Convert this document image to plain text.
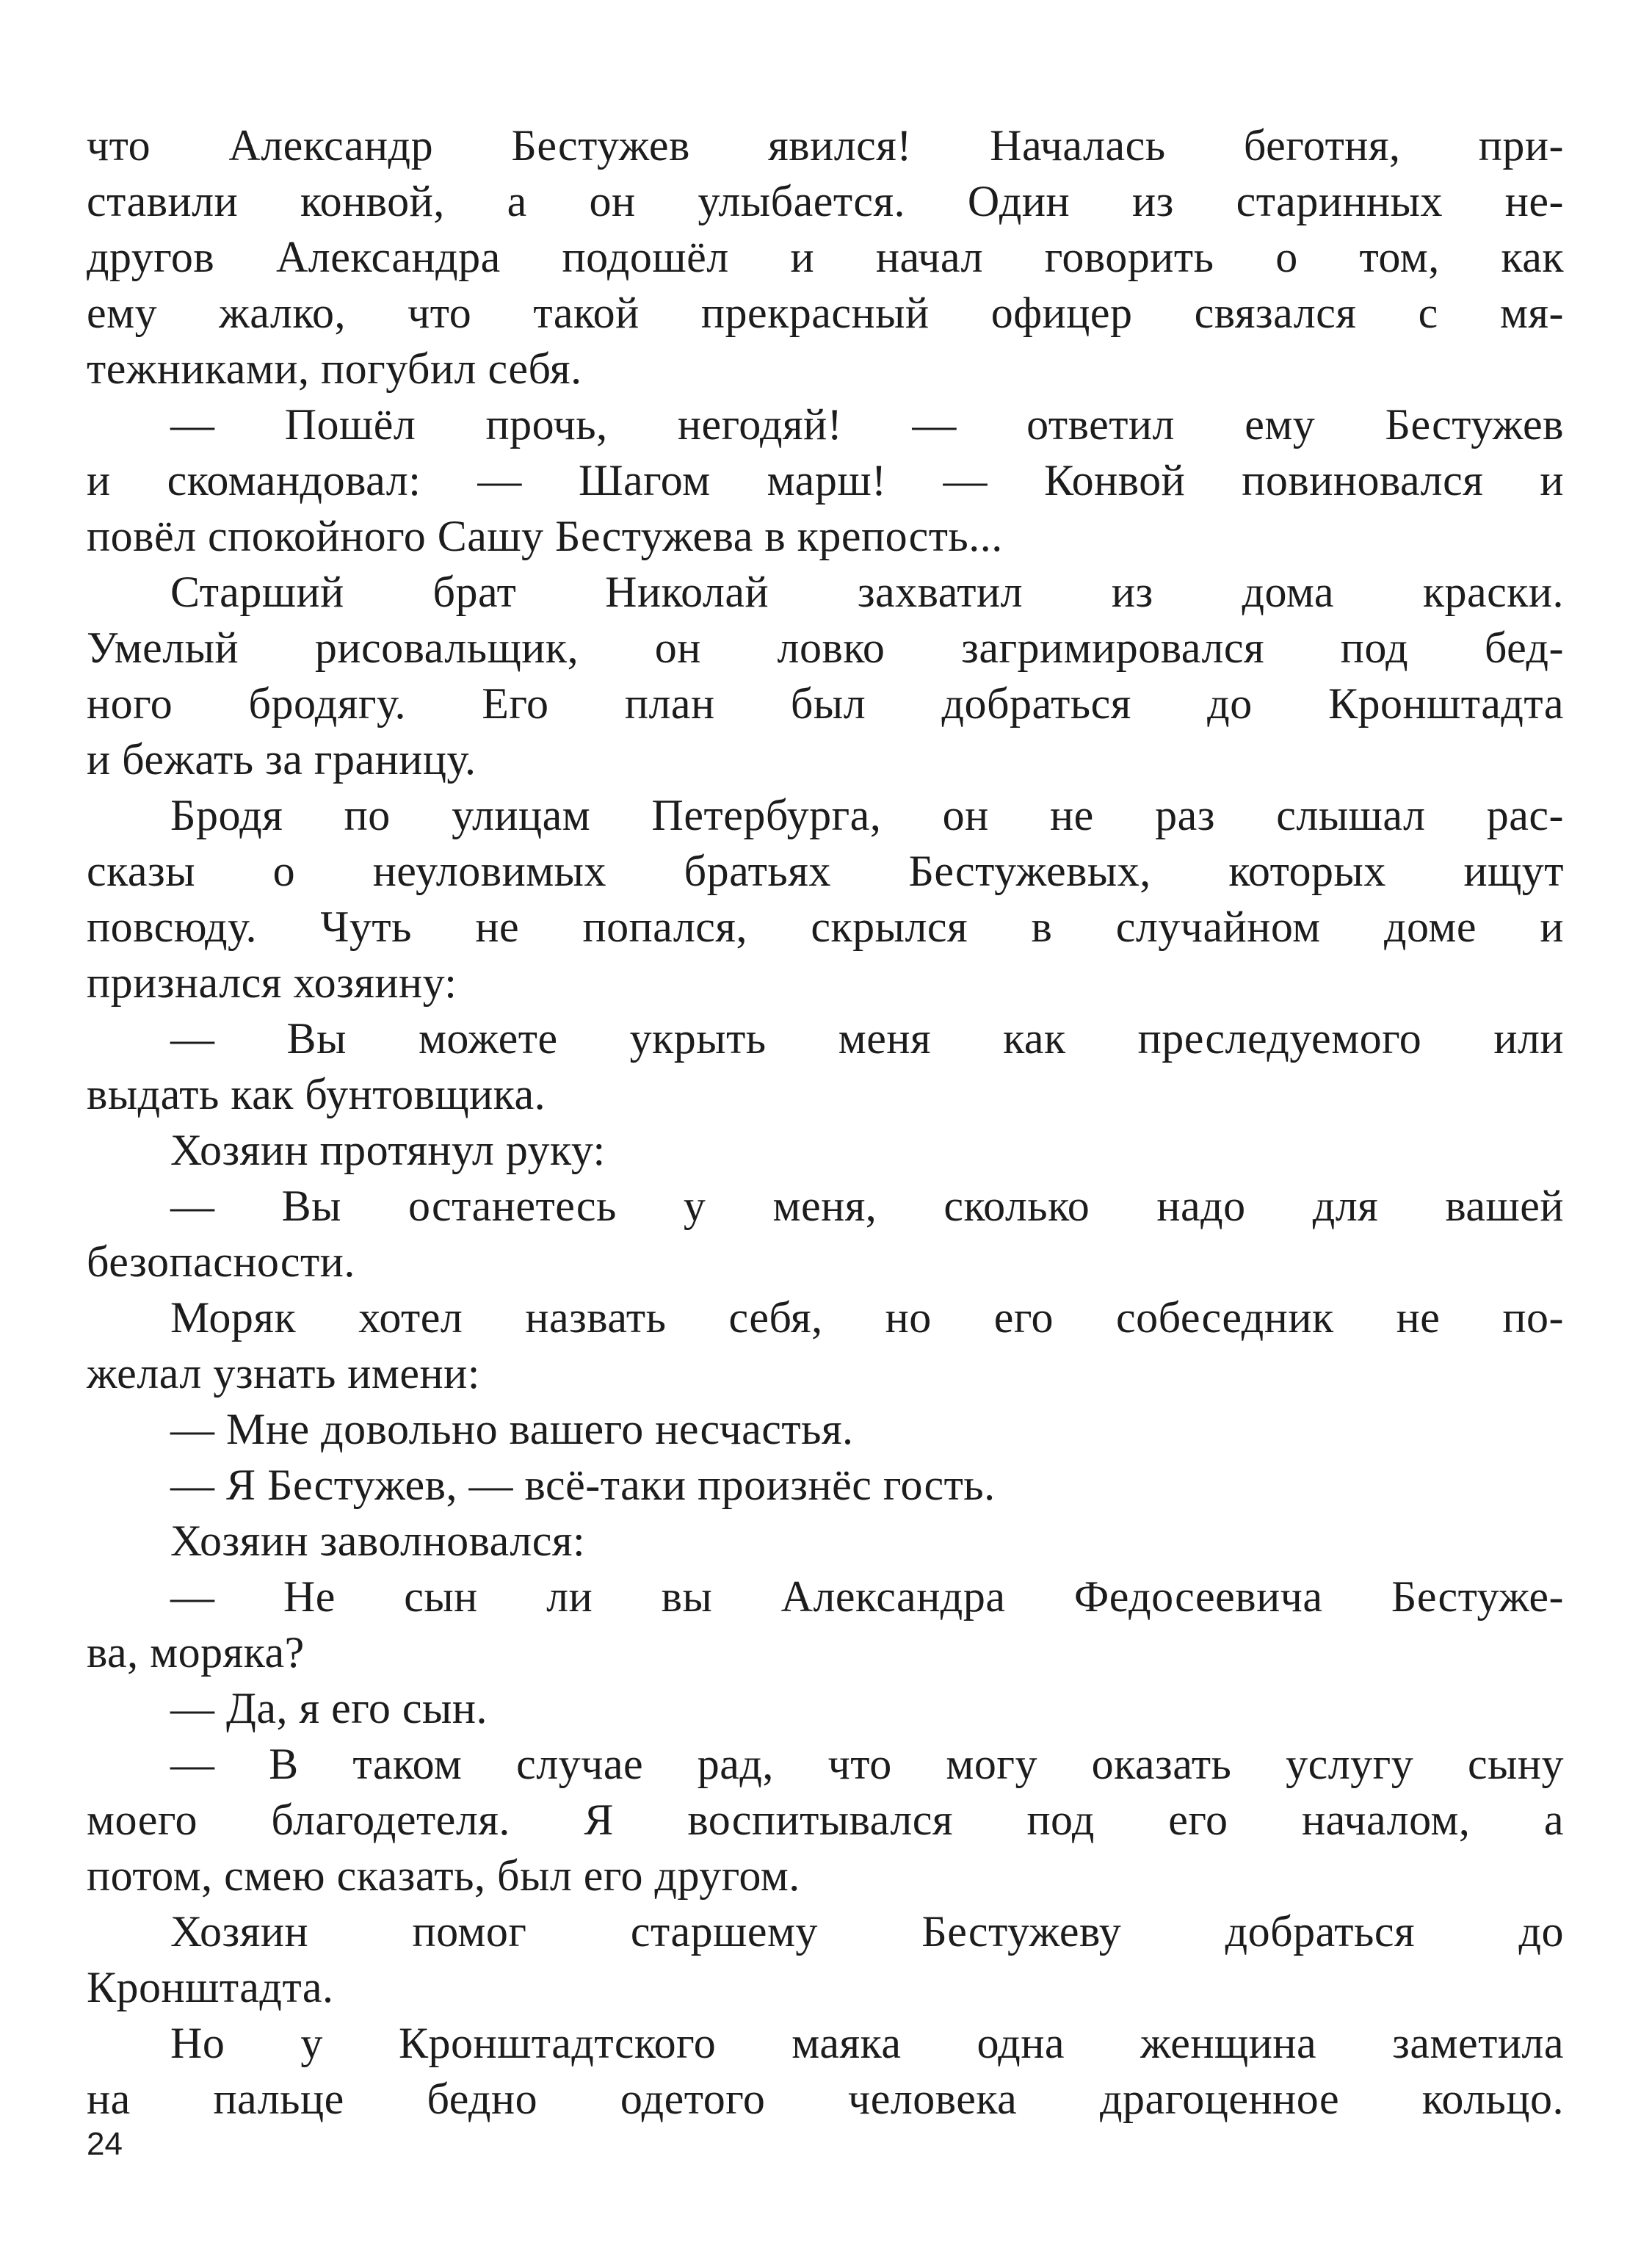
что Александр Бестужев явился! Началась беготня, при-
ставили конвой, а он улыбается. Один из старинных не-
другов Александра подошёл и начал говорить о том, как
ему жалко, что такой прекрасный офицер связался с мя-
тежниками, погубил себя.
— Пошёл прочь, негодяй! — ответил ему Бестужев
и скомандовал: — Шагом марш! — Конвой повиновался и
повёл спокойного Сашу Бестужева в крепость...
Старший брат Николай захватил из дома краски.
Умелый рисовальщик, он ловко загримировался под бед-
ного бродягу. Его план был добраться до Кронштадта
и бежать за границу.
Бродя по улицам Петербурга, он не раз слышал рас-
сказы о неуловимых братьях Бестужевых, которых ищут
повсюду. Чуть не попался, скрылся в случайном доме и
признался хозяину:
— Вы можете укрыть меня как преследуемого или
выдать как бунтовщика.
Хозяин протянул руку:
— Вы останетесь у меня, сколько надо для вашей
безопасности.
Моряк хотел назвать себя, но его собеседник не по-
желал узнать имени:
— Мне довольно вашего несчастья.
— Я Бестужев, — всё-таки произнёс гость.
Хозяин заволновался:
— Не сын ли вы Александра Федосеевича Бестуже-
ва, моряка?
— Да, я его сын.
— В таком случае рад, что могу оказать услугу сыну
моего благодетеля. Я воспитывался под его началом, а
потом, смею сказать, был его другом.
Хозяин помог старшему Бестужеву добраться до
Кронштадта.
Но у Кронштадтского маяка одна женщина заметила
на пальце бедно одетого человека драгоценное кольцо.
24
